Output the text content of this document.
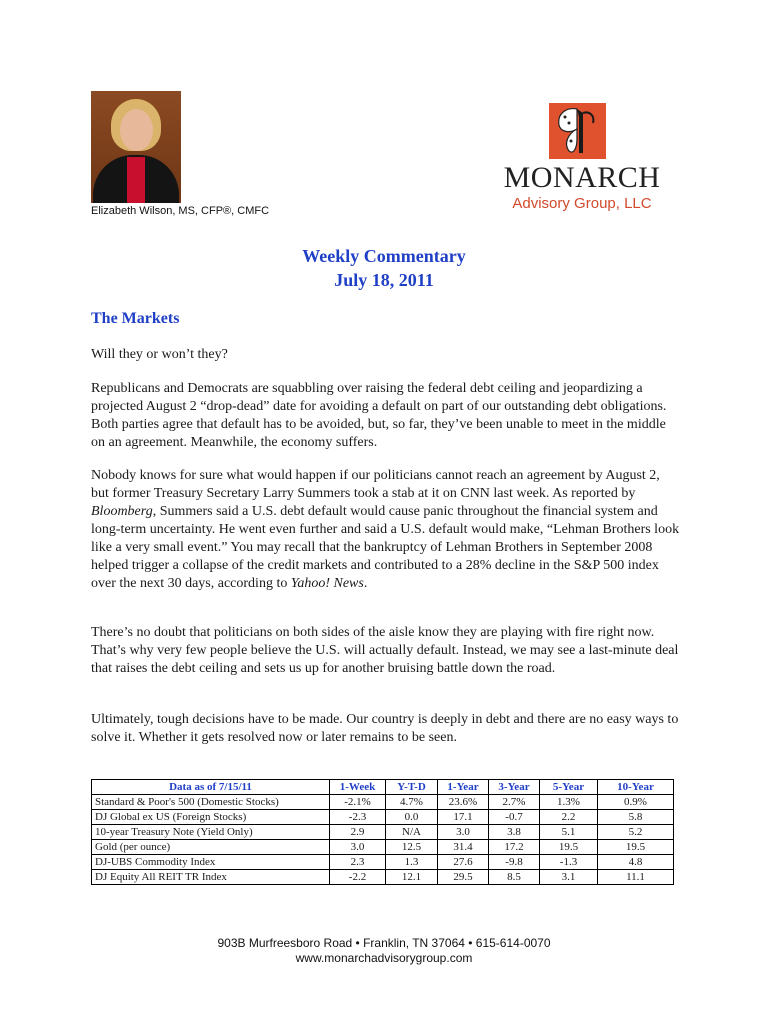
Elizabeth Wilson, MS, CFP®, CMFC
MONARCH
Advisory Group, LLC
Weekly Commentary
July 18, 2011
The Markets

Will they or won’t they?

Republicans and Democrats are squabbling over raising the federal debt ceiling and jeopardizing a projected August 2 “drop-dead” date for avoiding a default on part of our outstanding debt obligations. Both parties agree that default has to be avoided, but, so far, they’ve been unable to meet in the middle on an agreement. Meanwhile, the economy suffers.

Nobody knows for sure what would happen if our politicians cannot reach an agreement by August 2, but former Treasury Secretary Larry Summers took a stab at it on CNN last week. As reported by Bloomberg, Summers said a U.S. debt default would cause panic throughout the financial system and long-term uncertainty. He went even further and said a U.S. default would make, “Lehman Brothers look like a very small event.” You may recall that the bankruptcy of Lehman Brothers in September 2008 helped trigger a collapse of the credit markets and contributed to a 28% decline in the S&P 500 index over the next 30 days, according to Yahoo! News.

There’s no doubt that politicians on both sides of the aisle know they are playing with fire right now. That’s why very few people believe the U.S. will actually default. Instead, we may see a last-minute deal that raises the debt ceiling and sets us up for another bruising battle down the road.

Ultimately, tough decisions have to be made. Our country is deeply in debt and there are no easy ways to solve it. Whether it gets resolved now or later remains to be seen.

Data as of 7/15/11	1-Week	Y-T-D	1-Year	3-Year	5-Year	10-Year
Standard & Poor's 500 (Domestic Stocks)	-2.1%	4.7%	23.6%	2.7%	1.3%	0.9%
DJ Global ex US (Foreign Stocks)	-2.3	0.0	17.1	-0.7	2.2	5.8
10-year Treasury Note (Yield Only)	2.9	N/A	3.0	3.8	5.1	5.2
Gold (per ounce)	3.0	12.5	31.4	17.2	19.5	19.5
DJ-UBS Commodity Index	2.3	1.3	27.6	-9.8	-1.3	4.8
DJ Equity All REIT TR Index	-2.2	12.1	29.5	8.5	3.1	11.1
903B Murfreesboro Road • Franklin, TN 37064 • 615-614-0070
www.monarchadvisorygroup.com
